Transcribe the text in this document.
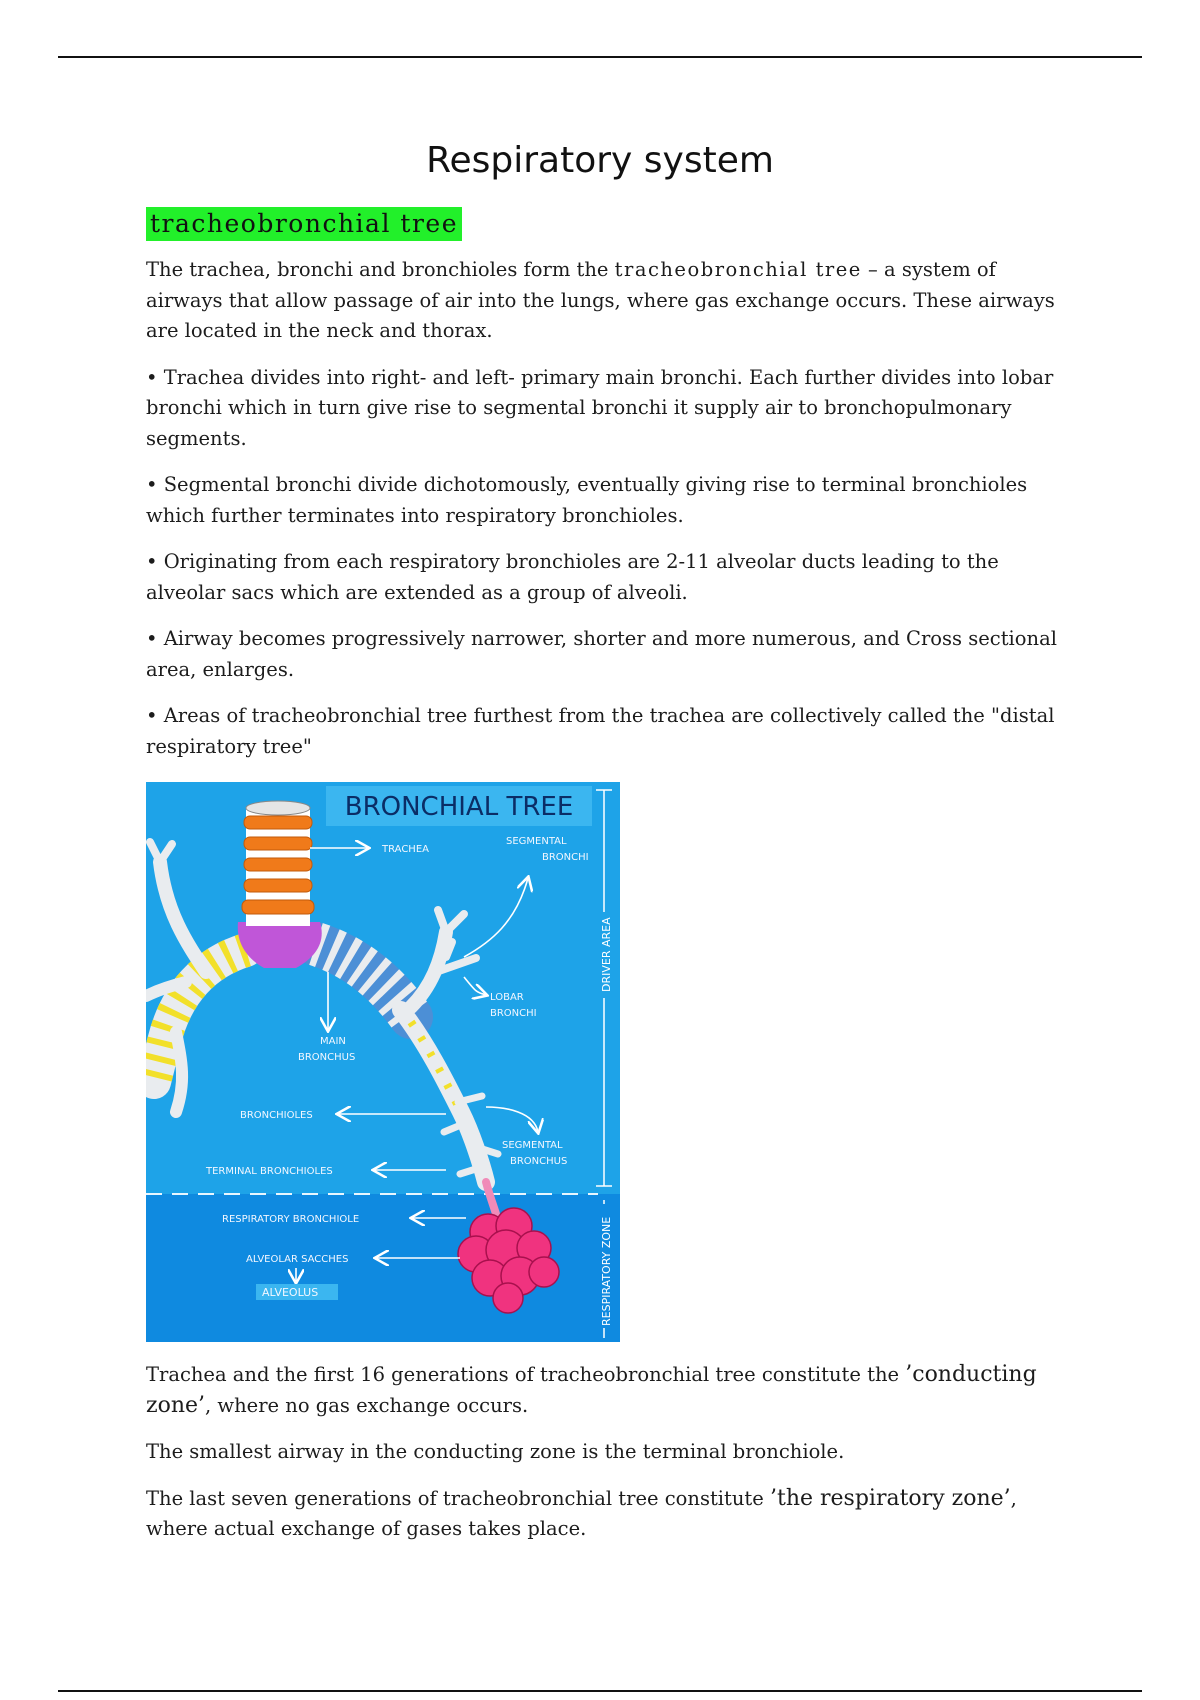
Respiratory system
tracheobronchial tree

The trachea, bronchi and bronchioles form the tracheobronchial tree – a system of airways that allow passage of air into the lungs, where gas exchange occurs. These airways are located in the neck and thorax.

• Trachea divides into right- and left- primary main bronchi. Each further divides into lobar bronchi which in turn give rise to segmental bronchi it supply air to bronchopulmonary segments.

• Segmental bronchi divide dichotomously, eventually giving rise to terminal bronchioles which further terminates into respiratory bronchioles.

• Originating from each respiratory bronchioles are 2-11 alveolar ducts leading to the alveolar sacs which are extended as a group of alveoli.

• Airway becomes progressively narrower, shorter and more numerous, and Cross sectional area, enlarges.

• Areas of tracheobronchial tree furthest from the trachea are collectively called the "distal respiratory tree"

BRONCHIAL TREE
DRIVER AREA
RESPIRATORY ZONE
TRACHEA
SEGMENTAL
BRONCHI
LOBAR
BRONCHI
MAIN
BRONCHUS
BRONCHIOLES
SEGMENTAL
BRONCHUS
TERMINAL BRONCHIOLES
RESPIRATORY BRONCHIOLE
ALVEOLAR SACCHES
ALVEOLUS

Trachea and the first 16 generations of tracheobronchial tree constitute the ’conducting zone’, where no gas exchange occurs.

The smallest airway in the conducting zone is the terminal bronchiole.

The last seven generations of tracheobronchial tree constitute ’the respiratory zone’, where actual exchange of gases takes place.
